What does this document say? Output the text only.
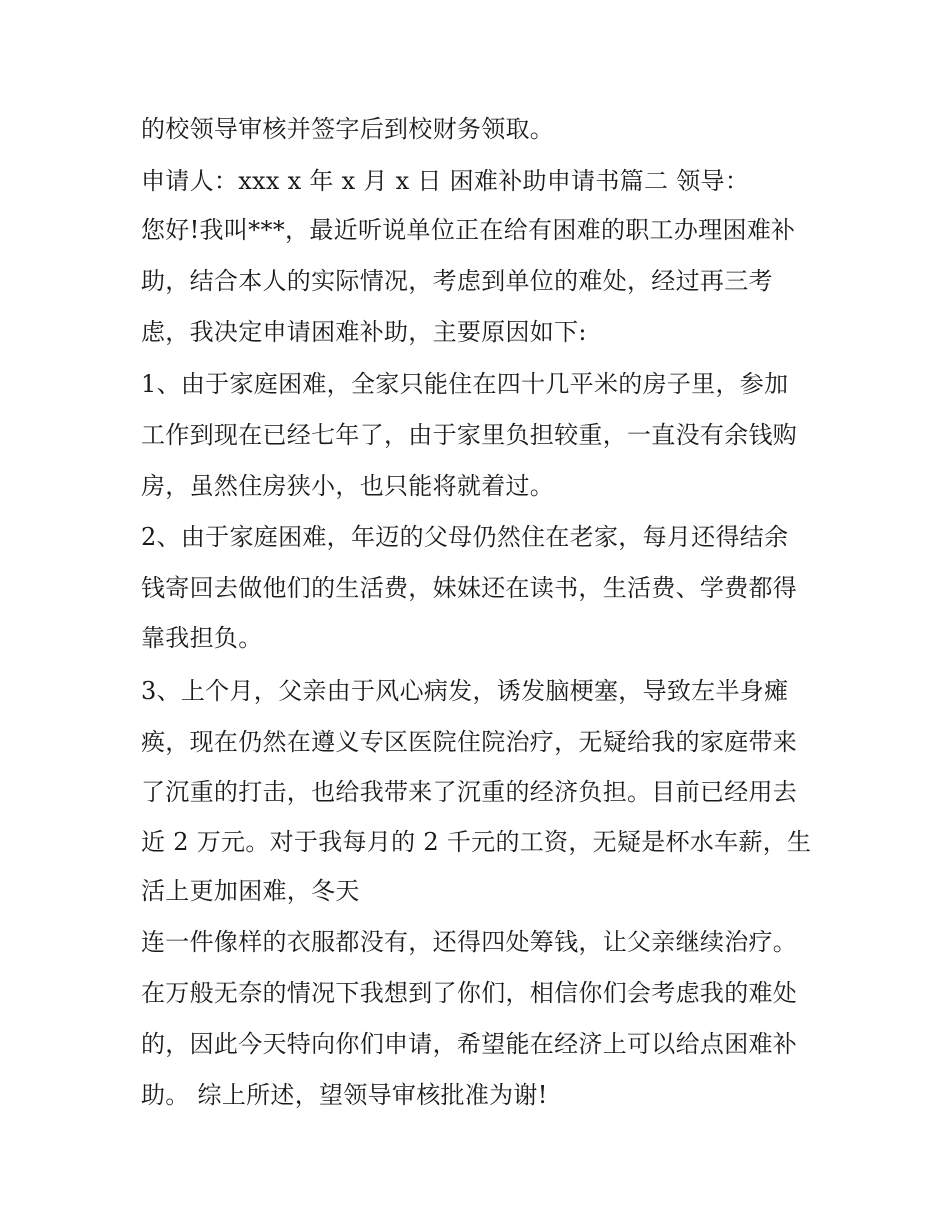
的校领导审核并签字后到校财务领取。

申请人：xxx x 年 x 月 x 日 困难补助申请书篇二 领导：

您好!我叫***，最近听说单位正在给有困难的职工办理困难补

助，结合本人的实际情况，考虑到单位的难处，经过再三考

虑，我决定申请困难补助，主要原因如下:

1、由于家庭困难，全家只能住在四十几平米的房子里，参加

工作到现在已经七年了，由于家里负担较重，一直没有余钱购

房，虽然住房狭小，也只能将就着过。

2、由于家庭困难，年迈的父母仍然住在老家，每月还得结余

钱寄回去做他们的生活费，妹妹还在读书，生活费、学费都得

靠我担负。

3、上个月，父亲由于风心病发，诱发脑梗塞，导致左半身瘫

痪，现在仍然在遵义专区医院住院治疗，无疑给我的家庭带来

了沉重的打击，也给我带来了沉重的经济负担。目前已经用去

近 2 万元。对于我每月的 2 千元的工资，无疑是杯水车薪，生

活上更加困难，冬天

连一件像样的衣服都没有，还得四处筹钱，让父亲继续治疗。

在万般无奈的情况下我想到了你们，相信你们会考虑我的难处

的，因此今天特向你们申请，希望能在经济上可以给点困难补

助。 综上所述，望领导审核批准为谢!
